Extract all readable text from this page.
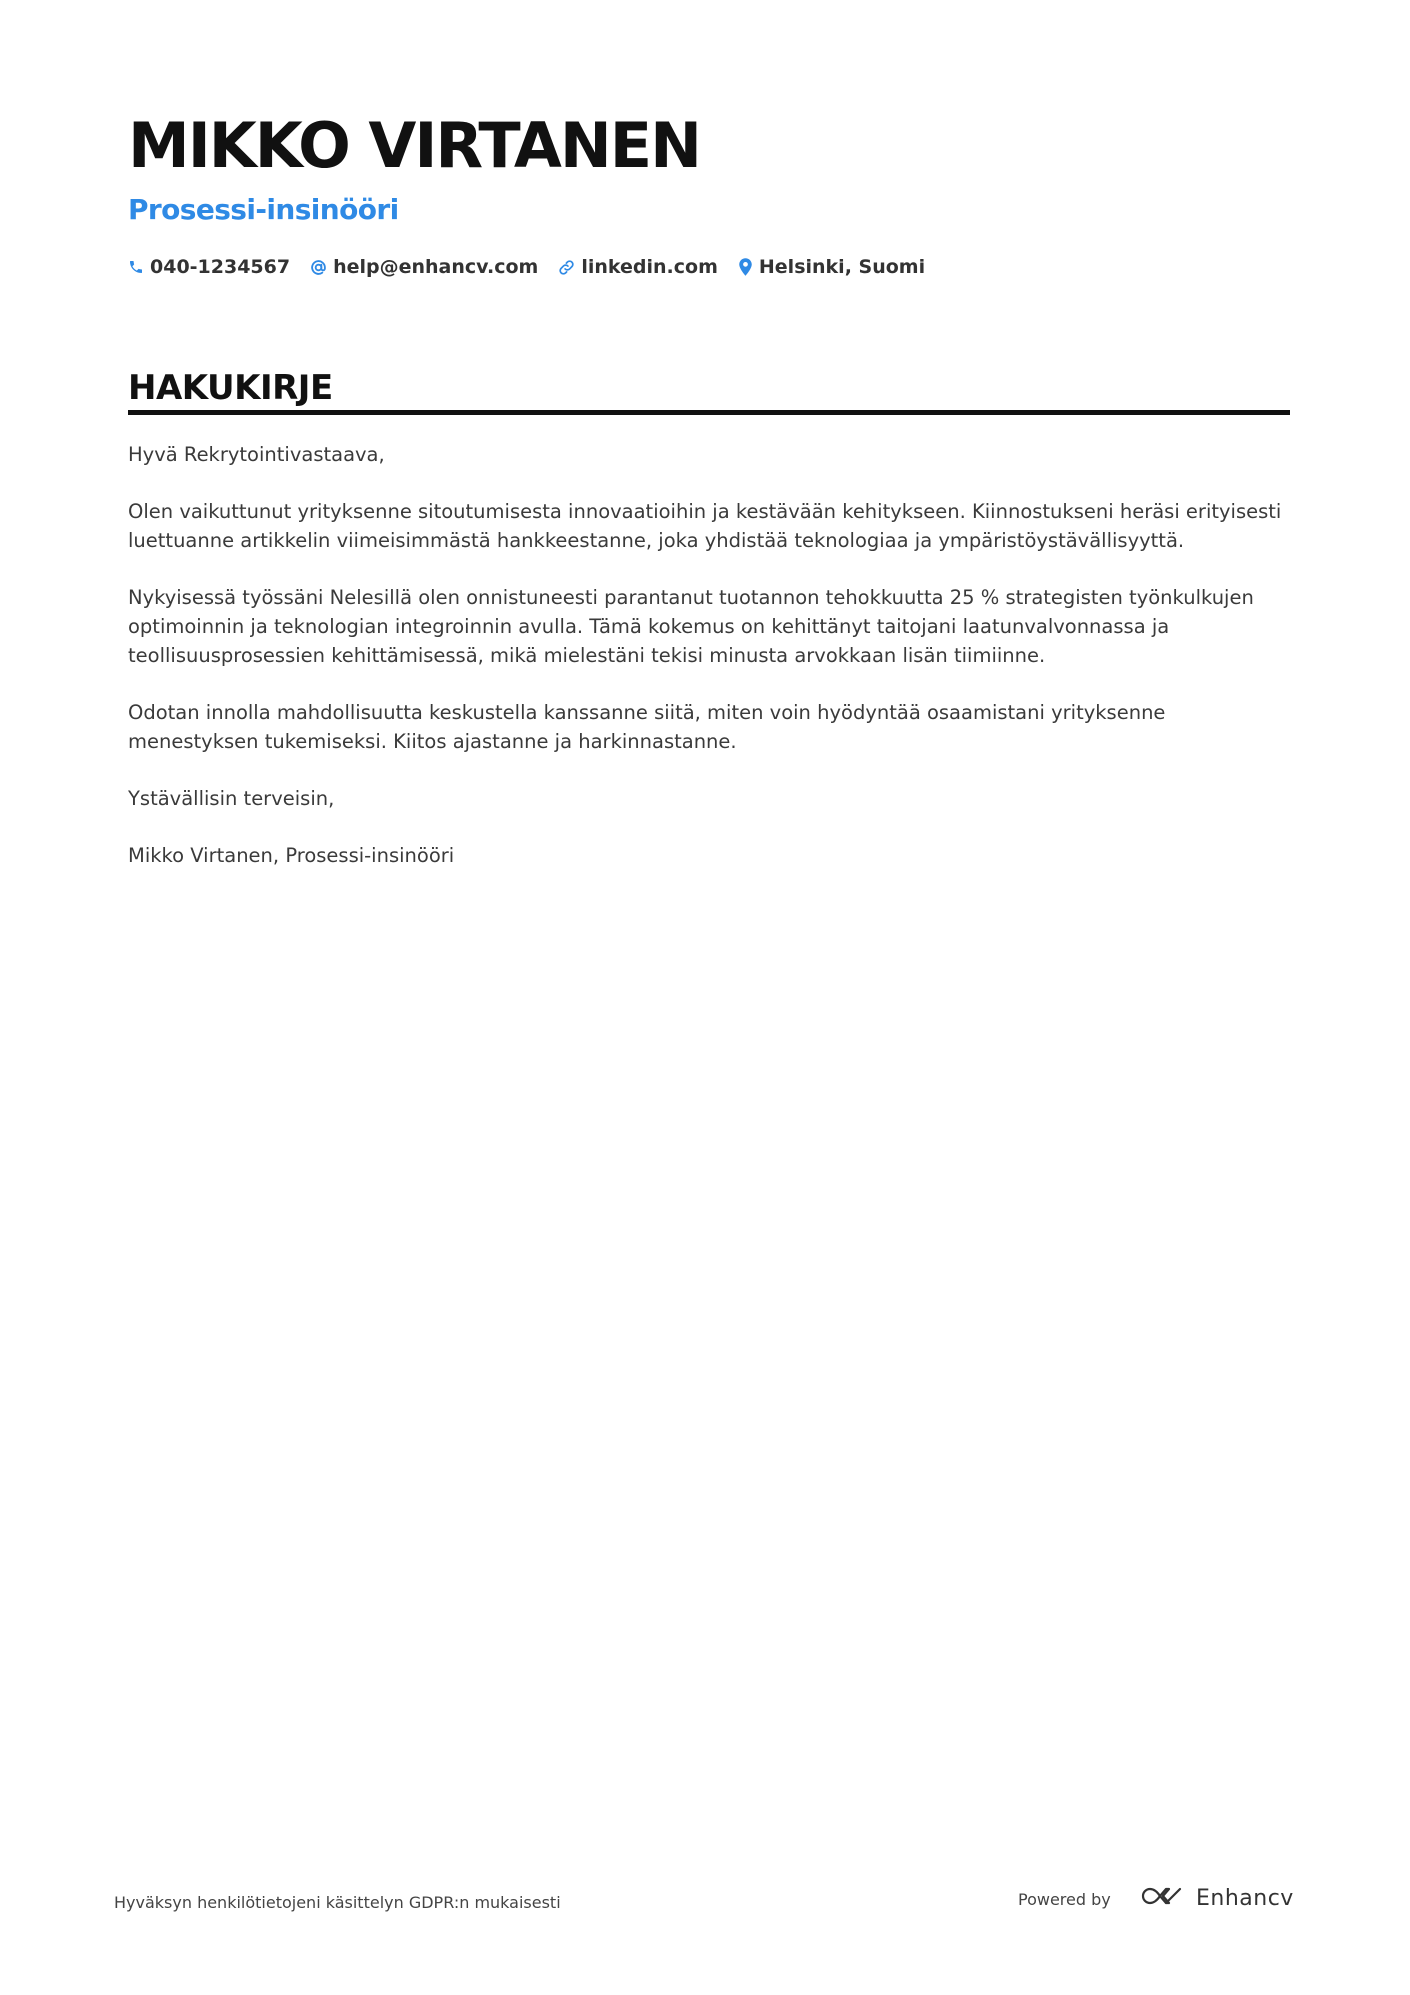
MIKKO VIRTANEN
Prosessi-insinööri
040-1234567 help@enhancv.com linkedin.com Helsinki, Suomi
HAKUKIRJE

Hyvä Rekrytointivastaava,

Olen vaikuttunut yrityksenne sitoutumisesta innovaatioihin ja kestävään kehitykseen. Kiinnostukseni heräsi erityisesti luettuanne artikkelin viimeisimmästä hankkeestanne, joka yhdistää teknologiaa ja ympäristöystävällisyyttä.

Nykyisessä työssäni Nelesillä olen onnistuneesti parantanut tuotannon tehokkuutta 25 % strategisten työnkulkujen optimoinnin ja teknologian integroinnin avulla. Tämä kokemus on kehittänyt taitojani laatunvalvonnassa ja teollisuusprosessien kehittämisessä, mikä mielestäni tekisi minusta arvokkaan lisän tiimiinne.

Odotan innolla mahdollisuutta keskustella kanssanne siitä, miten voin hyödyntää osaamistani yrityksenne menestyksen tukemiseksi. Kiitos ajastanne ja harkinnastanne.

Ystävällisin terveisin,

Mikko Virtanen, Prosessi-insinööri

Hyväksyn henkilötietojeni käsittelyn GDPR:n mukaisesti	Powered by	Enhancv
